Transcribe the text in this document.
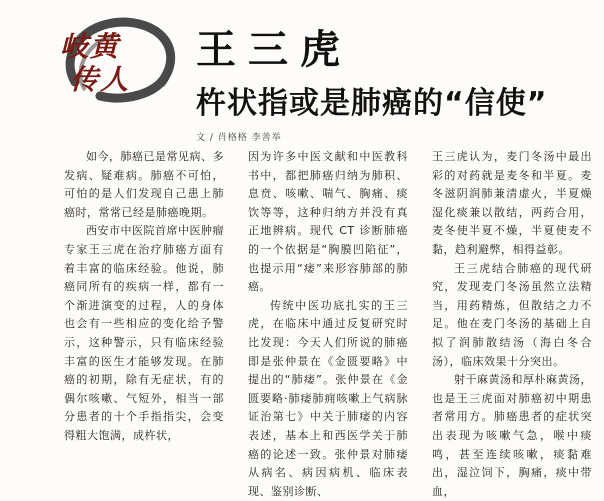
岐黄
传人
王三虎
杵状指或是肺癌的“信使”
文 / 肖格格 李善举

如今，肺癌已是常见病、多发病、疑难病。肺癌不可怕，可怕的是人们发现自己患上肺癌时，常常已经是肺癌晚期。

西安市中医院首席中医肿瘤专家王三虎在治疗肺癌方面有着丰富的临床经验。他说，肺癌同所有的疾病一样，都有一个渐进演变的过程，人的身体也会有一些相应的变化给予警示，这种警示，只有临床经验丰富的医生才能够发现。在肺癌的初期，除有无症状，有的偶尔咳嗽、气短外，相当一部分患者的十个手指指尖，会变得粗大饱满，成杵状，

因为许多中医文献和中医教科书中，都把肺癌归纳为肺积、息贲、咳嗽、喘气、胸痛、痰饮等等，这种归纳方并没有真正地辨病。现代 CT 诊断肺癌的一个依据是“胸膜凹陷征”，也提示用“痿”来形容肺部的肺癌。

传统中医功底扎实的王三虎，在临床中通过反复研究时比发现：今天人们所说的肺癌即是张仲景在《金匮要略》中提出的“肺痿”。张仲景在《金匮要略·肺痿肺痈咳嗽上气病脉证治第七》中关于肺痿的内容表述，基本上和西医学关于肺癌的论述一致。张仲景对肺痿从病名、病因病机、临床表现、鉴别诊断、

王三虎认为，麦门冬汤中最出彩的对药就是麦冬和半夏。麦冬滋阴润肺兼清虚火，半夏燥湿化痰兼以散结，两药合用，麦冬使半夏不燥，半夏使麦不黏，趋利避弊，相得益彰。

王三虎结合肺癌的现代研究，发现麦门冬汤虽然立法精当，用药精炼，但散结之力不足。他在麦门冬汤的基础上自拟了润肺散结汤（海白冬合汤），临床效果十分突出。

射干麻黄汤和厚朴麻黄汤，也是王三虎面对肺癌初中期患者常用方。肺癌患者的症状突出表现为咳嗽气急，喉中痰鸣，甚至连续咳嗽，痰黏难出，湿泣饲下，胸痛，痰中带血，
